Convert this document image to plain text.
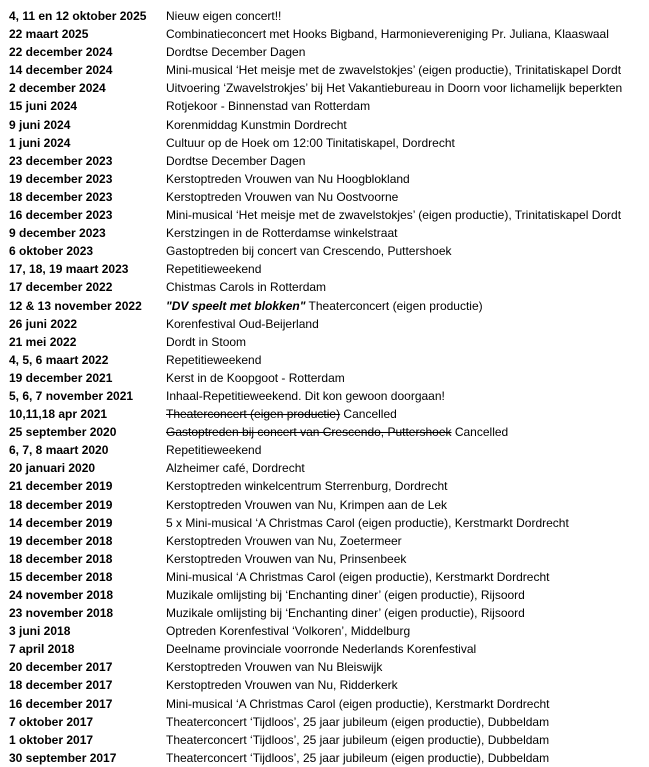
4, 11 en 12 oktober 2025	Nieuw eigen concert!!
22 maart 2025	Combinatieconcert met Hooks Bigband, Harmonievereniging Pr. Juliana, Klaaswaal
22 december 2024	Dordtse December Dagen
14 december 2024	Mini-musical ‘Het meisje met de zwavelstokjes’ (eigen productie), Trinitatiskapel Dordt
2 december 2024	Uitvoering ‘Zwavelstrokjes’ bij Het Vakantiebureau in Doorn voor lichamelijk beperkten
15 juni 2024	Rotjekoor - Binnenstad van Rotterdam
9 juni 2024	Korenmiddag Kunstmin Dordrecht
1 juni 2024	Cultuur op de Hoek om 12:00 Tinitatiskapel, Dordrecht
23 december 2023	Dordtse December Dagen
19 december 2023	Kerstoptreden Vrouwen van Nu Hoogblokland
18 december 2023	Kerstoptreden Vrouwen van Nu Oostvoorne
16 december 2023	Mini-musical ‘Het meisje met de zwavelstokjes’ (eigen productie), Trinitatiskapel Dordt
9 december 2023	Kerstzingen in de Rotterdamse winkelstraat
6 oktober 2023	Gastoptreden bij concert van Crescendo, Puttershoek
17, 18, 19 maart 2023	Repetitieweekend
17 december 2022	Chistmas Carols in Rotterdam
12 & 13 november 2022	"DV speelt met blokken" Theaterconcert (eigen productie)
26 juni 2022	Korenfestival Oud-Beijerland
21 mei 2022	Dordt in Stoom
4, 5, 6 maart 2022	Repetitieweekend
19 december 2021	Kerst in de Koopgoot - Rotterdam
5, 6, 7 november 2021	Inhaal-Repetitieweekend. Dit kon gewoon doorgaan!
10,11,18 apr 2021	Theaterconcert (eigen productie) Cancelled
25 september 2020	Gastoptreden bij concert van Crescendo, Puttershoek Cancelled
6, 7, 8 maart 2020	Repetitieweekend
20 januari 2020	Alzheimer café, Dordrecht
21 december 2019	Kerstoptreden winkelcentrum Sterrenburg, Dordrecht
18 december 2019	Kerstoptreden Vrouwen van Nu, Krimpen aan de Lek
14 december 2019	5 x Mini-musical ‘A Christmas Carol (eigen productie), Kerstmarkt Dordrecht
19 december 2018	Kerstoptreden Vrouwen van Nu, Zoetermeer
18 december 2018	Kerstoptreden Vrouwen van Nu, Prinsenbeek
15 december 2018	Mini-musical ‘A Christmas Carol (eigen productie), Kerstmarkt Dordrecht
24 november 2018	Muzikale omlijsting bij ‘Enchanting diner’ (eigen productie), Rijsoord
23 november 2018	Muzikale omlijsting bij ‘Enchanting diner’ (eigen productie), Rijsoord
3 juni 2018	Optreden Korenfestival ‘Volkoren’, Middelburg
7 april 2018	Deelname provinciale voorronde Nederlands Korenfestival
20 december 2017	Kerstoptreden Vrouwen van Nu Bleiswijk
18 december 2017	Kerstoptreden Vrouwen van Nu, Ridderkerk
16 december 2017	Mini-musical ‘A Christmas Carol (eigen productie), Kerstmarkt Dordrecht
7 oktober 2017	Theaterconcert ‘Tijdloos’, 25 jaar jubileum (eigen productie), Dubbeldam
1 oktober 2017	Theaterconcert ‘Tijdloos’, 25 jaar jubileum (eigen productie), Dubbeldam
30 september 2017	Theaterconcert ‘Tijdloos’, 25 jaar jubileum (eigen productie), Dubbeldam
